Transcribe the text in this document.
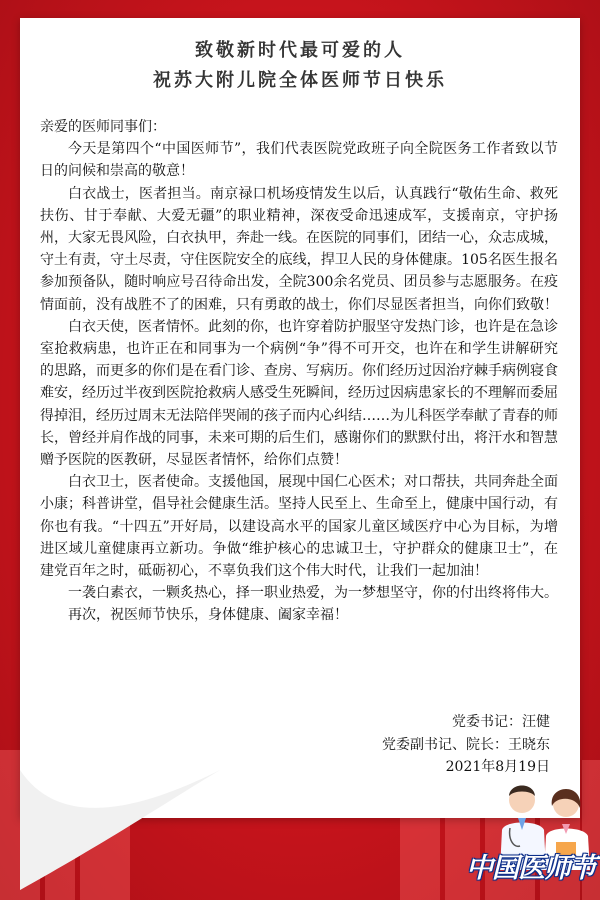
致敬新时代最可爱的人
祝苏大附儿院全体医师节日快乐

亲爱的医师同事们：

今天是第四个“中国医师节”，我们代表医院党政班子向全院医务工作者致以节日的问候和崇高的敬意！

白衣战士，医者担当。南京禄口机场疫情发生以后，认真践行“敬佑生命、救死扶伤、甘于奉献、大爱无疆”的职业精神，深夜受命迅速成军，支援南京，守护扬州，大家无畏风险，白衣执甲，奔赴一线。在医院的同事们，团结一心，众志成城，守土有责，守土尽责，守住医院安全的底线，捍卫人民的身体健康。105名医生报名参加预备队，随时响应号召待命出发，全院300余名党员、团员参与志愿服务。在疫情面前，没有战胜不了的困难，只有勇敢的战士，你们尽显医者担当，向你们致敬！

白衣天使，医者情怀。此刻的你，也许穿着防护服坚守发热门诊，也许是在急诊室抢救病患，也许正在和同事为一个病例“争”得不可开交，也许在和学生讲解研究的思路，而更多的你们是在看门诊、查房、写病历。你们经历过因治疗棘手病例寝食难安，经历过半夜到医院抢救病人感受生死瞬间，经历过因病患家长的不理解而委屈得掉泪，经历过周末无法陪伴哭闹的孩子而内心纠结……为儿科医学奉献了青春的师长，曾经并肩作战的同事，未来可期的后生们，感谢你们的默默付出，将汗水和智慧赠予医院的医教研，尽显医者情怀，给你们点赞！

白衣卫士，医者使命。支援他国，展现中国仁心医术；对口帮扶，共同奔赴全面小康；科普讲堂，倡导社会健康生活。坚持人民至上、生命至上，健康中国行动，有你也有我。“十四五”开好局，以建设高水平的国家儿童区域医疗中心为目标，为增进区域儿童健康再立新功。争做“维护核心的忠诚卫士，守护群众的健康卫士”，在建党百年之时，砥砺初心，不辜负我们这个伟大时代，让我们一起加油！

一袭白素衣，一颗炙热心，择一职业热爱，为一梦想坚守，你的付出终将伟大。

再次，祝医师节快乐，身体健康、阖家幸福！

党委书记：汪健
党委副书记、院长：王晓东
2021年8月19日
中国医师节
